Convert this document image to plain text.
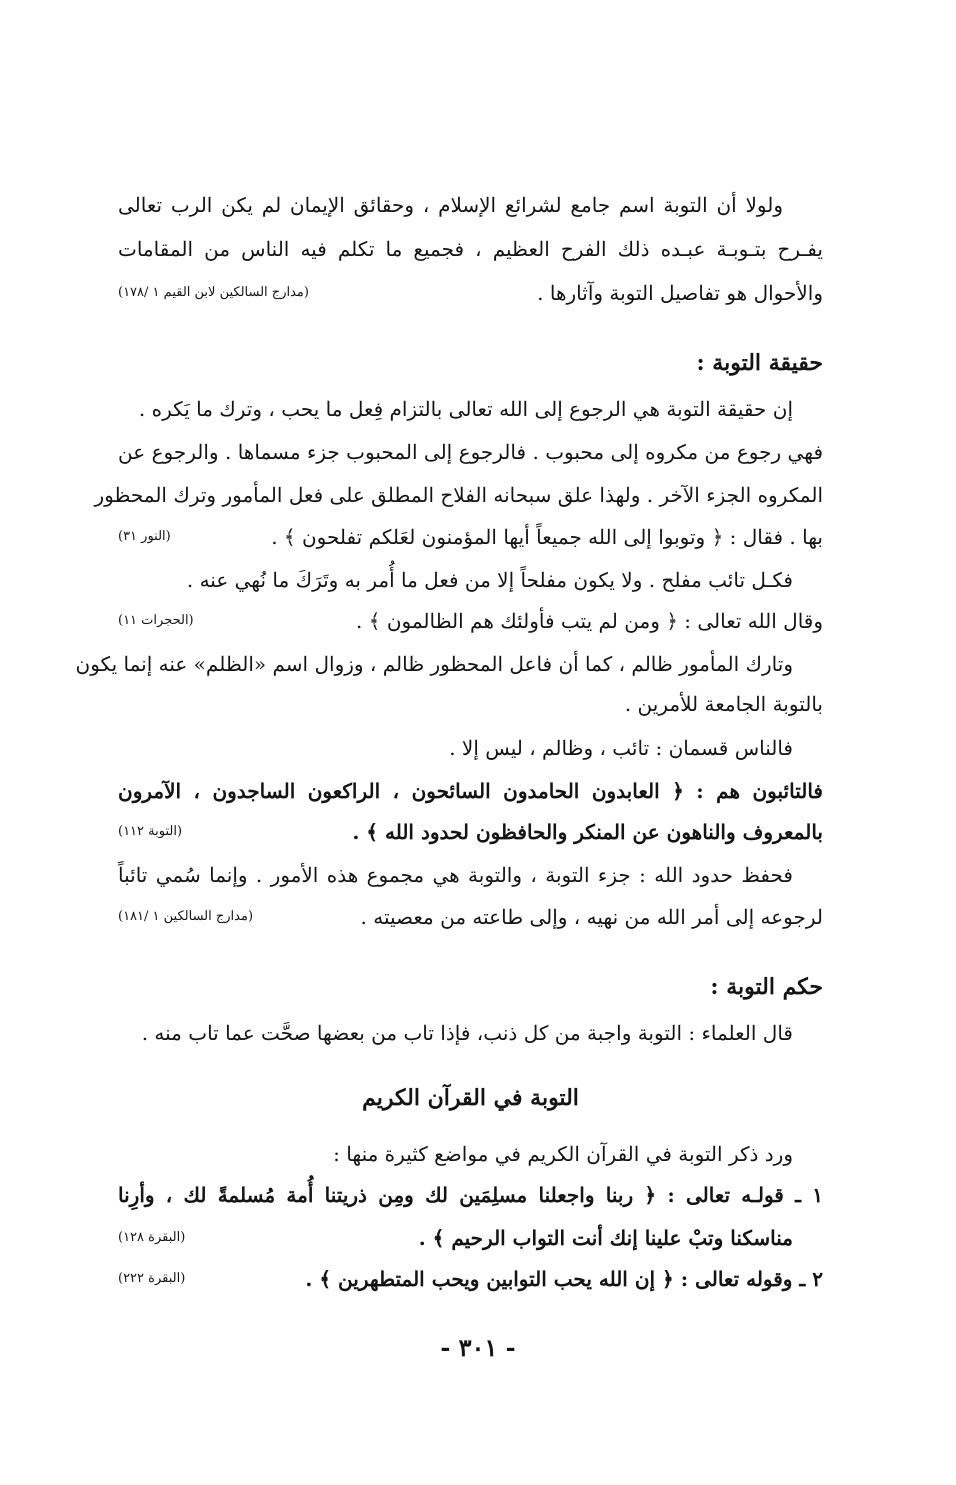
ولولا أن التوبة اسم جامع لشرائع الإسلام ، وحقائق الإيمان لم يكن الرب تعالى
يفـرح بتـوبـة عبـده ذلك الفرح العظيم ، فجميع ما تكلم فيه الناس من المقامات
والأحوال هو تفاصيل التوبة وآثارها .
(مدارج السالكين لابن القيم ١ /١٧٨)
حقيقة التوبة :
إن حقيقة التوبة هي الرجوع إلى الله تعالى بالتزام فِعل ما يحب ، وترك ما يَكره .
فهي رجوع من مكروه إلى محبوب . فالرجوع إلى المحبوب جزء مسماها . والرجوع عن
المكروه الجزء الآخر . ولهذا علق سبحانه الفلاح المطلق على فعل المأمور وترك المحظور
بها . فقال : ﴿ وتوبوا إلى الله جميعاً أيها المؤمنون لعَلكم تفلحون ﴾ .
(النور ٣١)
فكـل تائب مفلح . ولا يكون مفلحاً إلا من فعل ما أُمر به وتَرَكَ ما نُهي عنه .
وقال الله تعالى : ﴿ ومن لم يتب فأولئك هم الظالمون ﴾ .
(الحجرات ١١)
وتارك المأمور ظالم ، كما أن فاعل المحظور ظالم ، وزوال اسم «الظلم» عنه إنما يكون
بالتوبة الجامعة للأمرين .
فالناس قسمان : تائب ، وظالم ، ليس إلا .
فالتائبون هم : ﴿ العابدون الحامدون السائحون ، الراكعون الساجدون ، الآمرون
بالمعروف والناهون عن المنكر والحافظون لحدود الله ﴾ .
(التوبة ١١٢)
فحفظ حدود الله : جزء التوبة ، والتوبة هي مجموع هذه الأمور . وإنما سُمي تائباً
لرجوعه إلى أمر الله من نهيه ، وإلى طاعته من معصيته .
(مدارج السالكين ١ /١٨١)
حكم التوبة :
قال العلماء : التوبة واجبة من كل ذنب، فإذا تاب من بعضها صحَّت عما تاب منه .
التوبة في القرآن الكريم
ورد ذكر التوبة في القرآن الكريم في مواضع كثيرة منها :
١ ـ قولـه تعالى : ﴿ ربنا واجعلنا مسلِمَين لك ومِن ذريتنا أُمة مُسلمةً لك ، وأرِنا
مناسكنا وتبْ علينا إنك أنت التواب الرحيم ﴾ .
(البقرة ١٢٨)
٢ ـ وقوله تعالى : ﴿ إن الله يحب التوابين ويحب المتطهرين ﴾ .
(البقرة ٢٢٢)
- ٣٠١ -
